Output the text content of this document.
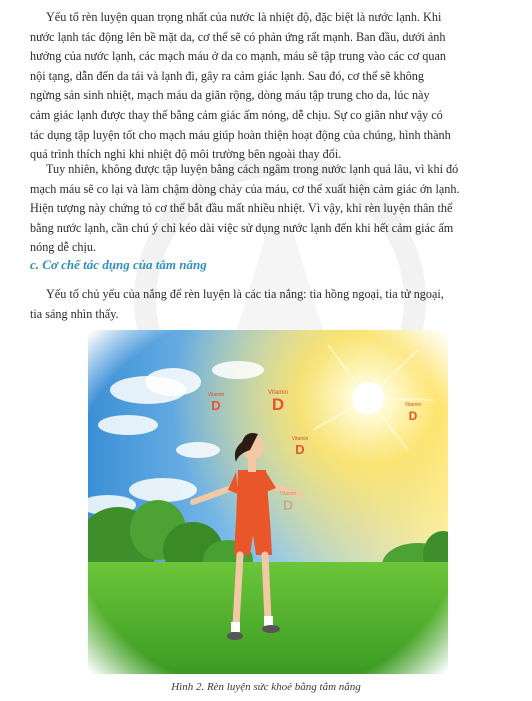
Yếu tố rèn luyện quan trọng nhất của nước là nhiệt độ, đặc biệt là nước lạnh. Khi
nước lạnh tác động lên bề mặt da, cơ thể sẽ có phản ứng rất mạnh. Ban đầu, dưới ảnh
hưởng của nước lạnh, các mạch máu ở da co mạnh, máu sẽ tập trung vào các cơ quan
nội tạng, dẫn đến da tái và lạnh đi, gây ra cảm giác lạnh. Sau đó, cơ thể sẽ không
ngừng sản sinh nhiệt, mạch máu da giãn rộng, dòng máu tập trung cho da, lúc này
cảm giác lạnh được thay thế bằng cảm giác ấm nóng, dễ chịu. Sự co giãn như vậy có
tác dụng tập luyện tốt cho mạch máu giúp hoàn thiện hoạt động của chúng, hình thành
quá trình thích nghi khi nhiệt độ môi trường bên ngoài thay đổi.

Tuy nhiên, không được tập luyện bằng cách ngâm trong nước lạnh quá lâu, vì khi đó
mạch máu sẽ co lại và làm chậm dòng chảy của máu, cơ thể xuất hiện cảm giác ớn lạnh.
Hiện tượng này chứng tỏ cơ thể bắt đầu mất nhiều nhiệt. Vì vậy, khi rèn luyện thân thể
bằng nước lạnh, cần chú ý chỉ kéo dài việc sử dụng nước lạnh đến khi hết cảm giác ấm
nóng dễ chịu.

c. Cơ chế tác dụng của tắm nắng

Yếu tố chủ yếu của nắng để rèn luyện là các tia nắng: tia hồng ngoại, tia tử ngoại,
tia sáng nhìn thấy.

Hình 2. Rèn luyện sức khoẻ bằng tắm nắng
